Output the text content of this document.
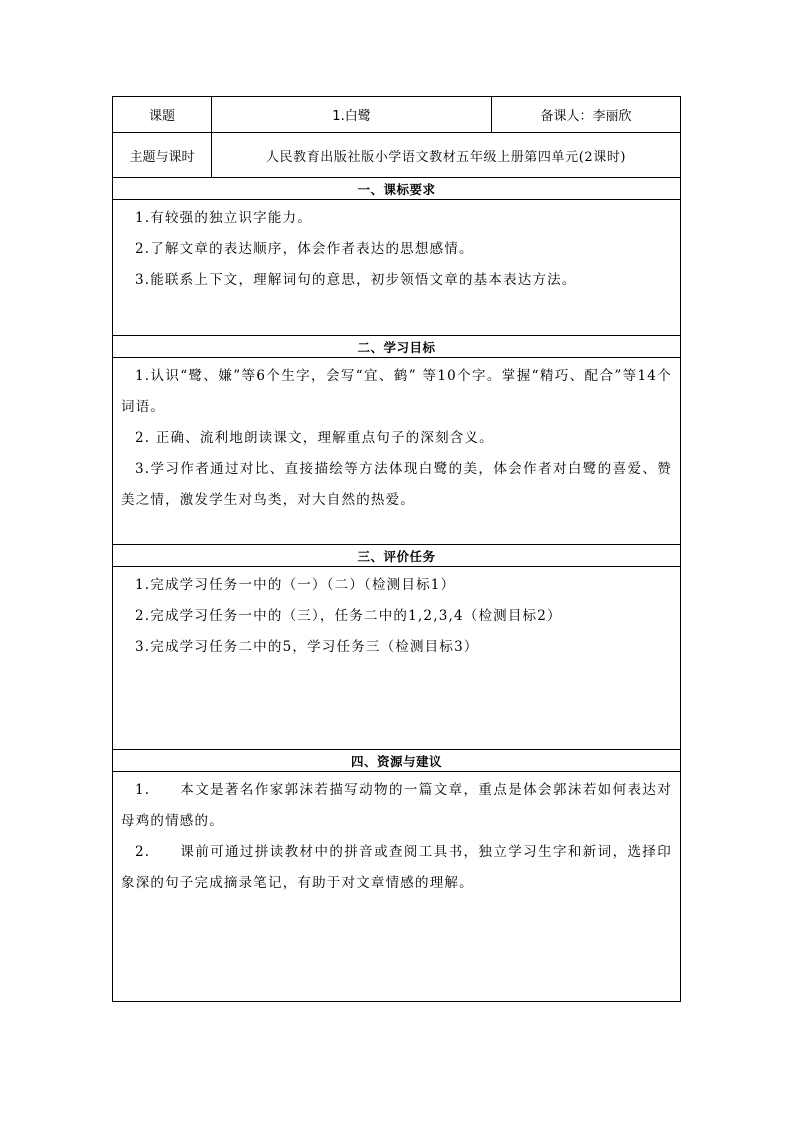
课题	1.白鹭	备课人：李丽欣
主题与课时	人民教育出版社版小学语文教材五年级上册第四单元(2课时)	
一、课标要求		

1.有较强的独立识字能力。

2.了解文章的表达顺序，体会作者表达的思想感情。

3.能联系上下文，理解词句的意思，初步领悟文章的基本表达方法。		

二、学习目标		

1.认识“鹭、嫌”等6个生字，会写“宜、鹤” 等10个字。掌握“精巧、配合”等14个词语。

2. 正确、流利地朗读课文，理解重点句子的深刻含义。

3.学习作者通过对比、直接描绘等方法体现白鹭的美，体会作者对白鹭的喜爱、赞美之情，激发学生对鸟类，对大自然的热爱。		

三、评价任务		

1.完成学习任务一中的（一）（二）（检测目标1）

2.完成学习任务一中的（三），任务二中的1,2,3,4（检测目标2）

3.完成学习任务二中的5，学习任务三（检测目标3）		

四、资源与建议		

1.　　本文是著名作家郭沫若描写动物的一篇文章，重点是体会郭沫若如何表达对母鸡的情感的。

2.　　课前可通过拼读教材中的拼音或查阅工具书，独立学习生字和新词，选择印象深的句子完成摘录笔记，有助于对文章情感的理解。		
